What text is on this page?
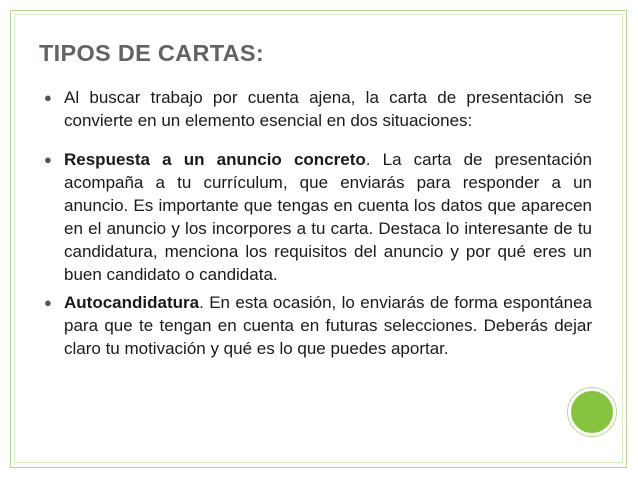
TIPOS DE CARTAS:

● Al buscar trabajo por cuenta ajena, la carta de presentación se convierte en un elemento esencial en dos situaciones:

● Respuesta a un anuncio concreto. La carta de presentación acompaña a tu currículum, que enviarás para responder a un anuncio. Es importante que tengas en cuenta los datos que aparecen en el anuncio y los incorpores a tu carta. Destaca lo interesante de tu candidatura, menciona los requisitos del anuncio y por qué eres un buen candidato o candidata.

● Autocandidatura. En esta ocasión, lo enviarás de forma espontánea para que te tengan en cuenta en futuras selecciones. Deberás dejar claro tu motivación y qué es lo que puedes aportar.
